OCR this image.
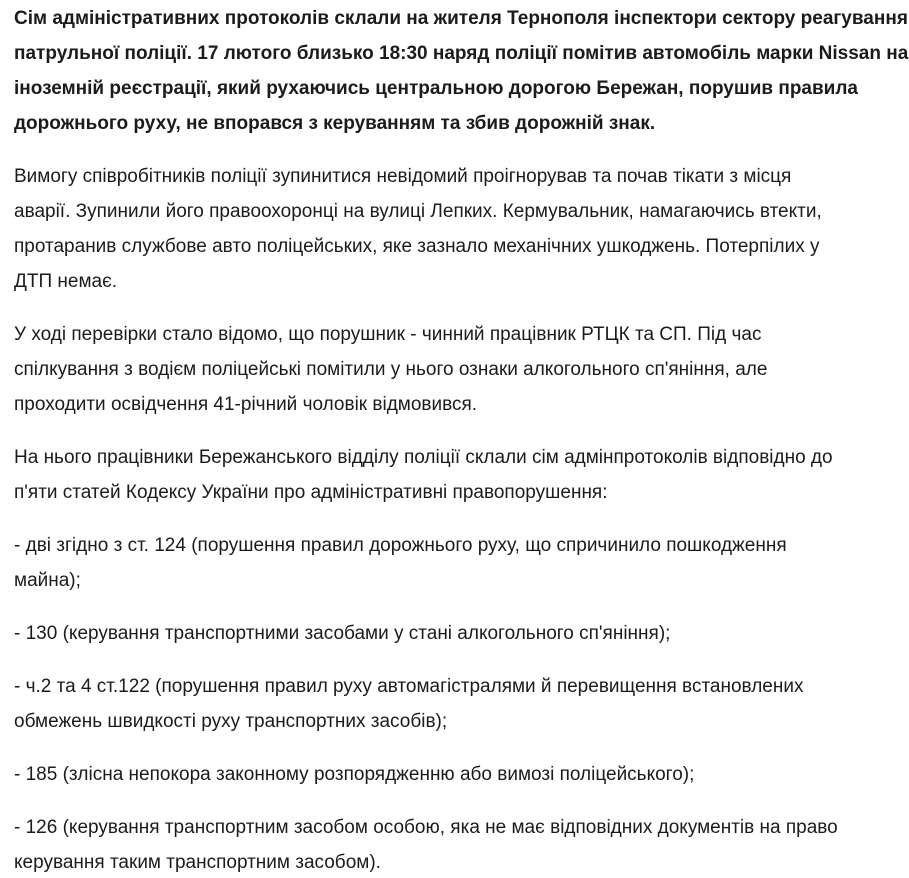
Сім адміністративних протоколів склали на жителя Тернополя інспектори сектору реагування
патрульної поліції. 17 лютого близько 18:30 наряд поліції помітив автомобіль марки Nissan на
іноземній реєстрації, який рухаючись центральною дорогою Бережан, порушив правила
дорожнього руху, не впорався з керуванням та збив дорожній знак.

Вимогу співробітників поліції зупинитися невідомий проігнорував та почав тікати з місця
аварії. Зупинили його правоохоронці на вулиці Лепких. Кермувальник, намагаючись втекти,
протаранив службове авто поліцейських, яке зазнало механічних ушкоджень. Потерпілих у
ДТП немає.

У ході перевірки стало відомо, що порушник - чинний працівник РТЦК та СП. Під час
спілкування з водієм поліцейські помітили у нього ознаки алкогольного сп'яніння, але
проходити освідчення 41-річний чоловік відмовився.

На нього працівники Бережанського відділу поліції склали сім адмінпротоколів відповідно до
п'яти статей Кодексу України про адміністративні правопорушення:

- дві згідно з ст. 124 (порушення правил дорожнього руху, що спричинило пошкодження
майна);

- 130 (керування транспортними засобами у стані алкогольного сп'яніння);

- ч.2 та 4 ст.122 (порушення правил руху автомагістралями й перевищення встановлених
обмежень швидкості руху транспортних засобів);

- 185 (злісна непокора законному розпорядженню або вимозі поліцейського);

- 126 (керування транспортним засобом особою, яка не має відповідних документів на право
керування таким транспортним засобом).
